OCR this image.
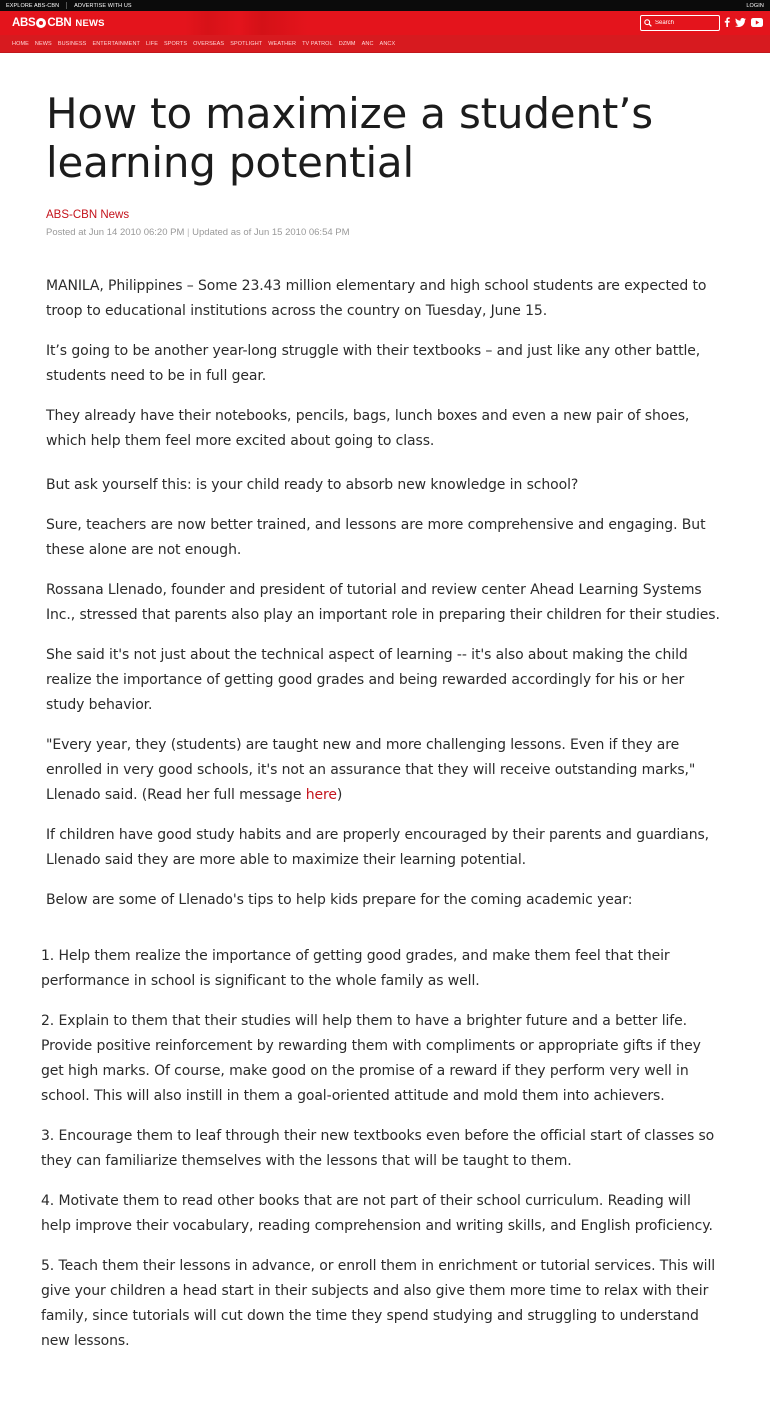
EXPLORE ABS-CBN	ADVERTISE WITH US	LOGIN
ABS CBN NEWS
Search
HOME NEWS BUSINESS ENTERTAINMENT LIFE SPORTS OVERSEAS SPOTLIGHT WEATHER TV PATROL DZMM ANC ANCX
How to maximize a student’s learning potential
ABS-CBN News
Posted at Jun 14 2010 06:20 PM | Updated as of Jun 15 2010 06:54 PM

MANILA, Philippines – Some 23.43 million elementary and high school students are expected to troop to educational institutions across the country on Tuesday, June 15.

It’s going to be another year-long struggle with their textbooks – and just like any other battle, students need to be in full gear.

They already have their notebooks, pencils, bags, lunch boxes and even a new pair of shoes, which help them feel more excited about going to class.

But ask yourself this: is your child ready to absorb new knowledge in school?

Sure, teachers are now better trained, and lessons are more comprehensive and engaging. But these alone are not enough.

Rossana Llenado, founder and president of tutorial and review center Ahead Learning Systems Inc., stressed that parents also play an important role in preparing their children for their studies.

She said it's not just about the technical aspect of learning -- it's also about making the child realize the importance of getting good grades and being rewarded accordingly for his or her study behavior.

"Every year, they (students) are taught new and more challenging lessons. Even if they are enrolled in very good schools, it's not an assurance that they will receive outstanding marks," Llenado said. (Read her full message here)

If children have good study habits and are properly encouraged by their parents and guardians, Llenado said they are more able to maximize their learning potential.

Below are some of Llenado's tips to help kids prepare for the coming academic year:

1. Help them realize the importance of getting good grades, and make them feel that their performance in school is significant to the whole family as well.

2. Explain to them that their studies will help them to have a brighter future and a better life. Provide positive reinforcement by rewarding them with compliments or appropriate gifts if they get high marks. Of course, make good on the promise of a reward if they perform very well in school. This will also instill in them a goal-oriented attitude and mold them into achievers.

3. Encourage them to leaf through their new textbooks even before the official start of classes so they can familiarize themselves with the lessons that will be taught to them.

4. Motivate them to read other books that are not part of their school curriculum. Reading will help improve their vocabulary, reading comprehension and writing skills, and English proficiency.

5. Teach them their lessons in advance, or enroll them in enrichment or tutorial services. This will give your children a head start in their subjects and also give them more time to relax with their family, since tutorials will cut down the time they spend studying and struggling to understand new lessons.
